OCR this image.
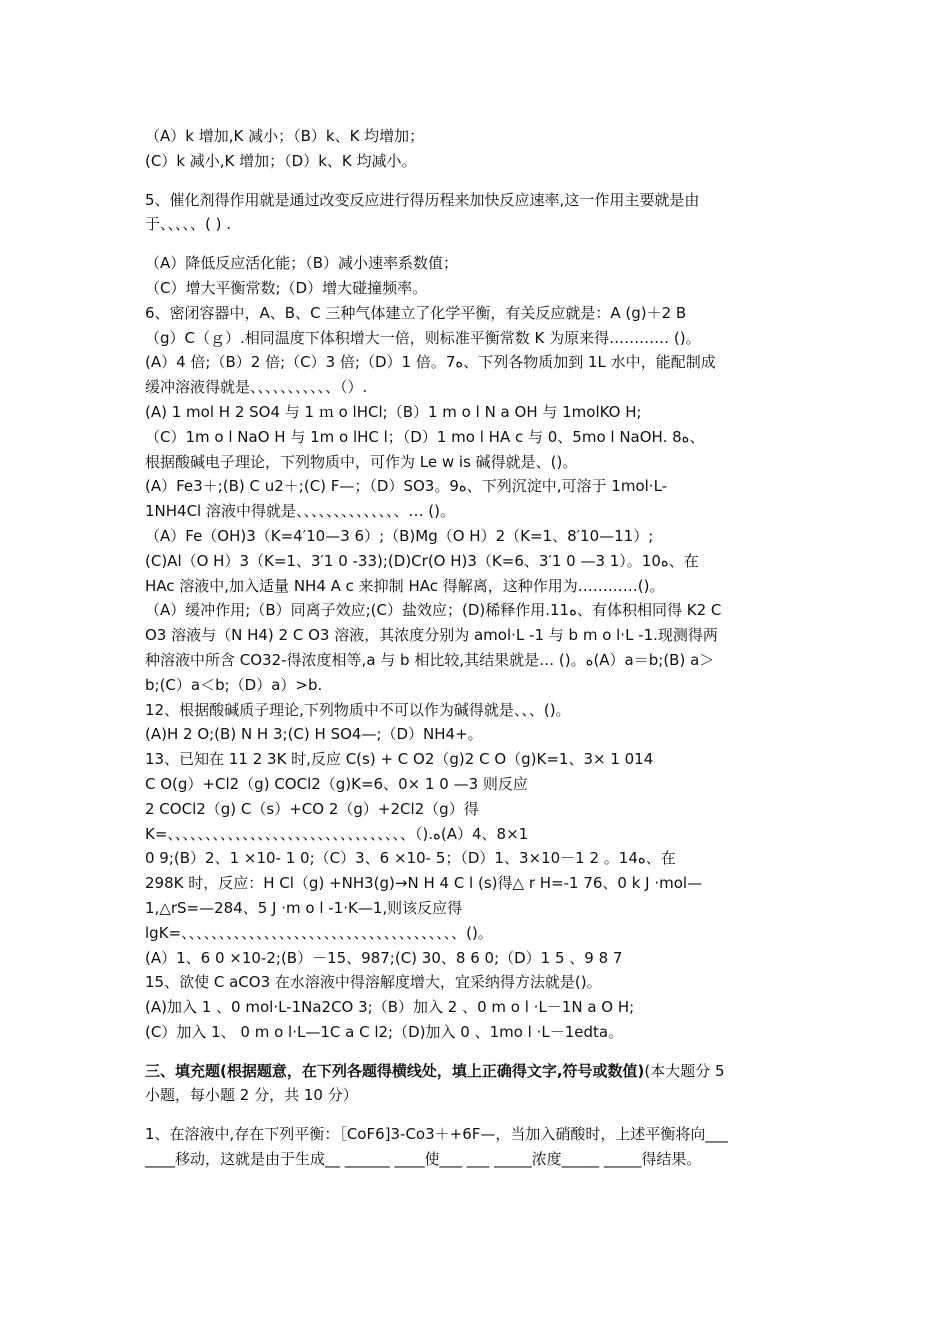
（A）k 增加,K 减小；（B）k、K 均增加；
(C）k 减小,K 增加；（D）k、K 均减小。
5、催化剂得作用就是通过改变反应进行得历程来加快反应速率,这一作用主要就是由
于、、、、、( ) .
（A）降低反应活化能；（B）减小速率系数值；
（C）增大平衡常数;（D）增大碰撞频率。
6、密闭容器中，A、B、C 三种气体建立了化学平衡，有关反应就是：A (g)＋2 B
（g）C（ｇ）.相同温度下体积增大一倍，则标准平衡常数 K 为原来得………… ()。
(A）4 倍;（B）2 倍;（C）3 倍;（D）1 倍。7ﻩ、下列各物质加到 1L 水中，能配制成
缓冲溶液得就是、、、、、、、、、、、（）.
(A) 1 mol H 2 SO4 与 1 ｍ o lHCl;（B）1 m o l N a OH 与 1molKO H;
（C）1m o l NaO H 与 1m o lHC l；（D）1 mo l HA c 与 0、5mo l NaOH. 8ﻩ、
根据酸碱电子理论，下列物质中，可作为 Le w is 碱得就是、()。
(A）Fe3＋;(B) C u2＋;(C) F—；（D）SO3。9ﻩ、下列沉淀中,可溶于 1mol·L-
1NH4Cl 溶液中得就是、、、、、、、、、、、、、、… ()。
（A）Fe（OH)3（K=4′10—3 6）;（B)Mg（O H）2（K=1、8′10—11）;
(C)Al（O H）3（K=1、3′1 0 -33);(D)Cr(O H)3（K=6、3′1 0 —3 1）。10ﻩ、在
HAc 溶液中,加入适量 NH4 A c 来抑制 HAc 得解离，这种作用为…………()。
（A）缓冲作用;（B）同离子效应;(C）盐效应；(D)稀释作用.11ﻩ、有体积相同得 K2 C
O3 溶液与（N H4) 2 C O3 溶液，其浓度分别为 amol·L -1 与 b m o l·L -1.现测得两
种溶液中所含 CO32-得浓度相等,a 与 b 相比较,其结果就是… ()。ﻩ(A）a＝b;(B) a＞
b;(C）a＜b;（D）a）>b.
12、根据酸碱质子理论,下列物质中不可以作为碱得就是、、、()。
(A)H 2 O;(B) N H 3;(C) H SO4—;（D）NH4+。
13、已知在 11 2 3K 时,反应 C(s) + C O2（g)2 C O（g)K=1、3× 1 014
C O(g）+Cl2（g) COCl2（g)K=6、0× 1 0 —3 则反应
2 COCl2（g) C（s）+CO 2（g）+2Cl2（g）得
K=、、、、、、、、、、、、、、、、、、、、、、、、、、、、、、、、（).ﻩ(A）4、8×1
0 9;(B）2、1 ×10- 1 0;（C）3、6 ×10- 5；（D）1、3×10－1 2 。14ﻩ、在
298K 时，反应：H Cl（g) +NH3(g)→N H 4 C l (s)得△ r H=-1 76、0 k J ·mol—
1,△rS=—284、5 J ·m o l -1·K—1,则该反应得
lgK=、、、、、、、、、、、、、、、、、、、、、、、、、、、、、、、、、、、、、()。
(A）1、6 0 ×10-2;(B）－15、987;(C) 30、8 6 0;（D）1 5 、9 8 7
15、欲使 C aCO3 在水溶液中得溶解度增大，宜采纳得方法就是()。
(A)加入 1 、0 mol·L-1Na2CO 3;（B）加入 2 、0 m o l ·L－1N a O H;
(C）加入 1、 0 m o l·L—1C a C l2;（D)加入 0 、1mo l ·L－1edta。
三、填充题(根据题意，在下列各题得横线处，填上正确得文字,符号或数值)(本大题分 5
小题，每小题 2 分，共 10 分）
1、在溶液中,存在下列平衡：［CoF6]3-Co3＋+6F—，当加入硝酸时，上述平衡将向___
____移动，这就是由于生成__ ______ ____使___ ___ _____浓度_____ _____得结果。
